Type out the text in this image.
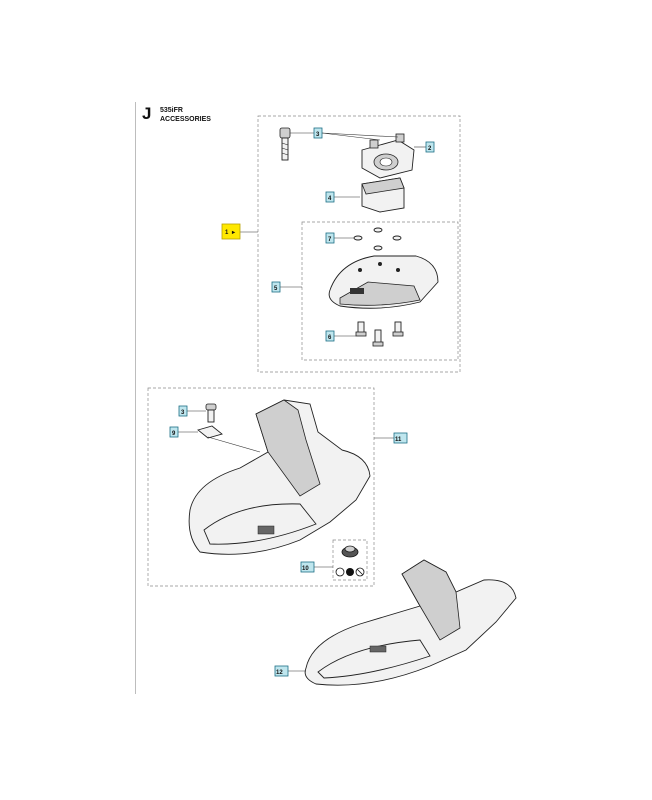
J 535iFR
ACCESSORIES
1 ▸
2
3
4
5
6
7
3
9
10
11
12
